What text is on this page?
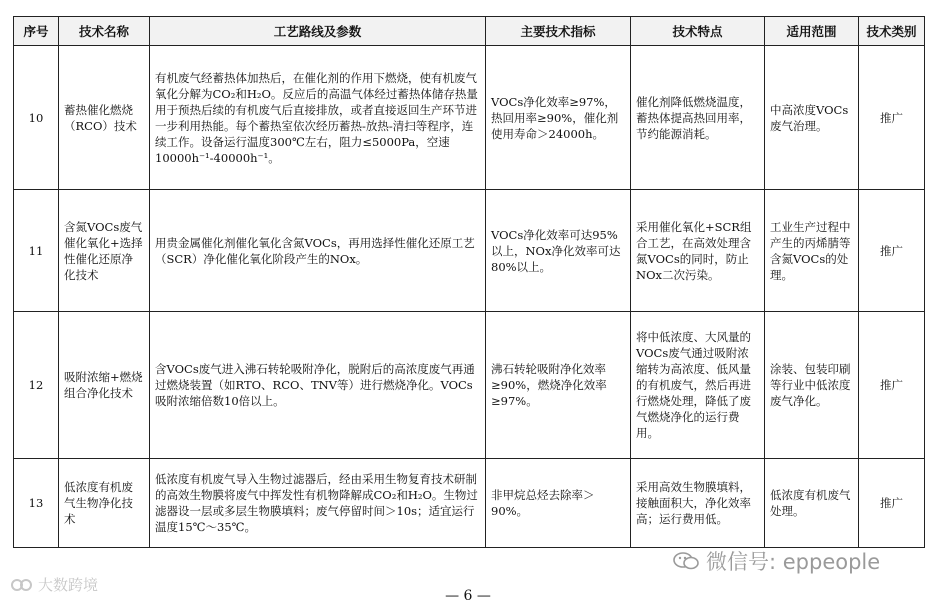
序号	技术名称	工艺路线及参数	主要技术指标	技术特点	适用范围	技术类别
10	蓄热催化燃烧（RCO）技术	有机废气经蓄热体加热后，在催化剂的作用下燃烧，使有机废气氧化分解为CO₂和H₂O。反应后的高温气体经过蓄热体储存热量用于预热后续的有机废气后直接排放，或者直接返回生产环节进一步利用热能。每个蓄热室依次经历蓄热-放热-清扫等程序，连续工作。设备运行温度300℃左右，阻力≤5000Pa，空速10000h⁻¹-40000h⁻¹。	VOCs净化效率≥97%，热回用率≥90%，催化剂使用寿命＞24000h。	催化剂降低燃烧温度，蓄热体提高热回用率，节约能源消耗。	中高浓度VOCs废气治理。	推广
11	含氮VOCs废气催化氧化+选择性催化还原净化技术	用贵金属催化剂催化氧化含氮VOCs，再用选择性催化还原工艺（SCR）净化催化氧化阶段产生的NOx。	VOCs净化效率可达95%以上，NOx净化效率可达80%以上。	采用催化氧化+SCR组合工艺，在高效处理含氮VOCs的同时，防止NOx二次污染。	工业生产过程中产生的丙烯腈等含氮VOCs的处理。	推广
12	吸附浓缩+燃烧组合净化技术	含VOCs废气进入沸石转轮吸附净化，脱附后的高浓度废气再通过燃烧装置（如RTO、RCO、TNV等）进行燃烧净化。VOCs吸附浓缩倍数10倍以上。	沸石转轮吸附净化效率≥90%，燃烧净化效率≥97%。	将中低浓度、大风量的VOCs废气通过吸附浓缩转为高浓度、低风量的有机废气，然后再进行燃烧处理，降低了废气燃烧净化的运行费用。	涂装、包装印刷等行业中低浓度废气净化。	推广
13	低浓度有机废气生物净化技术	低浓度有机废气导入生物过滤器后，经由采用生物复育技术研制的高效生物膜将废气中挥发性有机物降解成CO₂和H₂O。生物过滤器设一层或多层生物膜填料；废气停留时间＞10s；适宜运行温度15℃～35℃。	非甲烷总烃去除率＞90%。	采用高效生物膜填料，接触面积大，净化效率高；运行费用低。	低浓度有机废气处理。	推广
大数跨境
微信号: eppeople
— 6 —
